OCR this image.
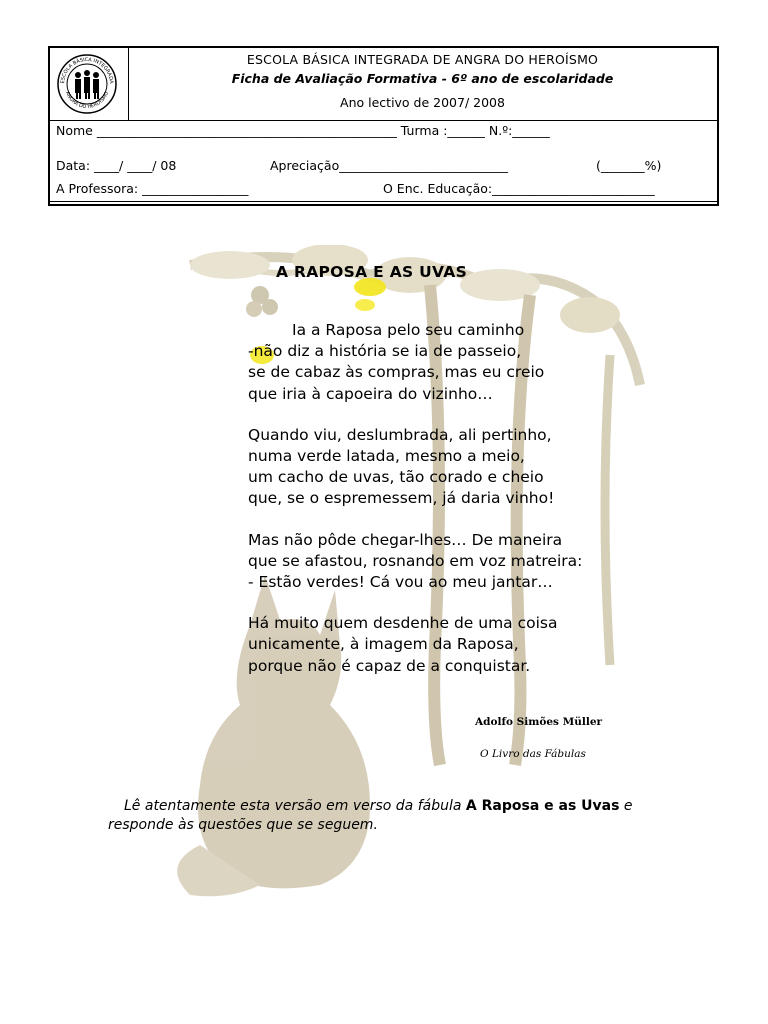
ESCOLA BÁSICA INTEGRADA
ANGRA DO HEROÍSMO
ESCOLA BÁSICA INTEGRADA DE ANGRA DO HEROÍSMO
Ficha de Avaliação Formativa - 6º ano de escolaridade
Ano lectivo de 2007/ 2008
Nome ________________________________________________ Turma :______ N.º:______
Data: ____/ ____/ 08	Apreciação___________________________	(_______%)
A Professora: _________________	O Enc. Educação:__________________________
A RAPOSA E AS UVAS
Ia a Raposa pelo seu caminho
-não diz a história se ia de passeio,
se de cabaz às compras, mas eu creio
que iria à capoeira do vizinho…
Quando viu, deslumbrada, ali pertinho,
numa verde latada, mesmo a meio,
um cacho de uvas, tão corado e cheio
que, se o espremessem, já daria vinho!
Mas não pôde chegar-lhes… De maneira
que se afastou, rosnando em voz matreira:
- Estão verdes! Cá vou ao meu jantar…
Há muito quem desdenhe de uma coisa
unicamente, à imagem da Raposa,
porque não é capaz de a conquistar.
Adolfo Simões Müller
O Livro das Fábulas
Lê atentamente esta versão em verso da fábula A Raposa e as Uvas e responde às questões que se seguem.
